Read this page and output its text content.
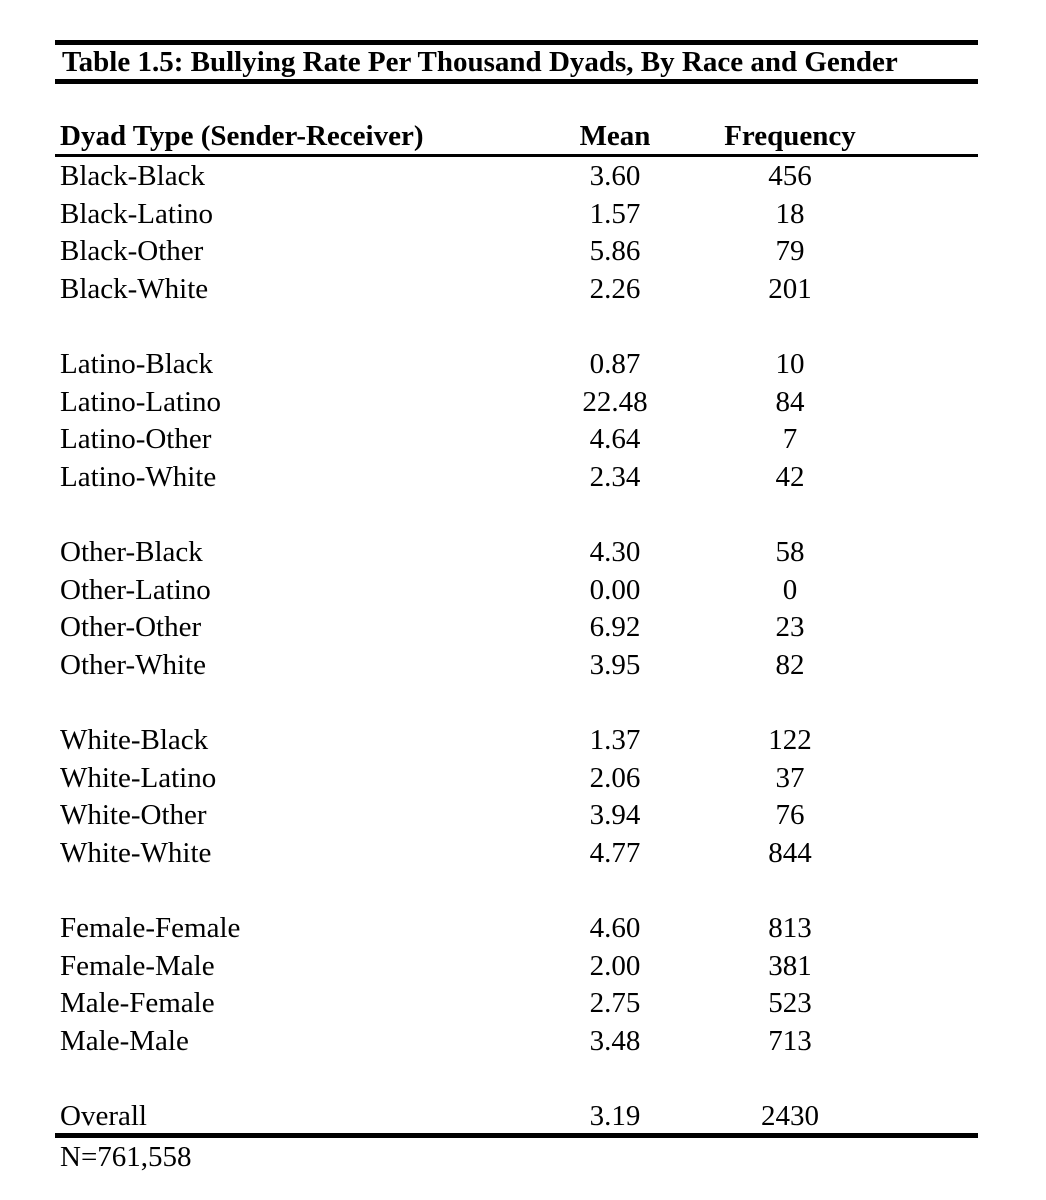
Table 1.5: Bullying Rate Per Thousand Dyads, By Race and Gender
Dyad Type (Sender-Receiver)	Mean	Frequency
Black-Black	3.60	456
Black-Latino	1.57	18
Black-Other	5.86	79
Black-White	2.26	201
Latino-Black	0.87	10
Latino-Latino	22.48	84
Latino-Other	4.64	7
Latino-White	2.34	42
Other-Black	4.30	58
Other-Latino	0.00	0
Other-Other	6.92	23
Other-White	3.95	82
White-Black	1.37	122
White-Latino	2.06	37
White-Other	3.94	76
White-White	4.77	844
Female-Female	4.60	813
Female-Male	2.00	381
Male-Female	2.75	523
Male-Male	3.48	713
Overall	3.19	2430
N=761,558
